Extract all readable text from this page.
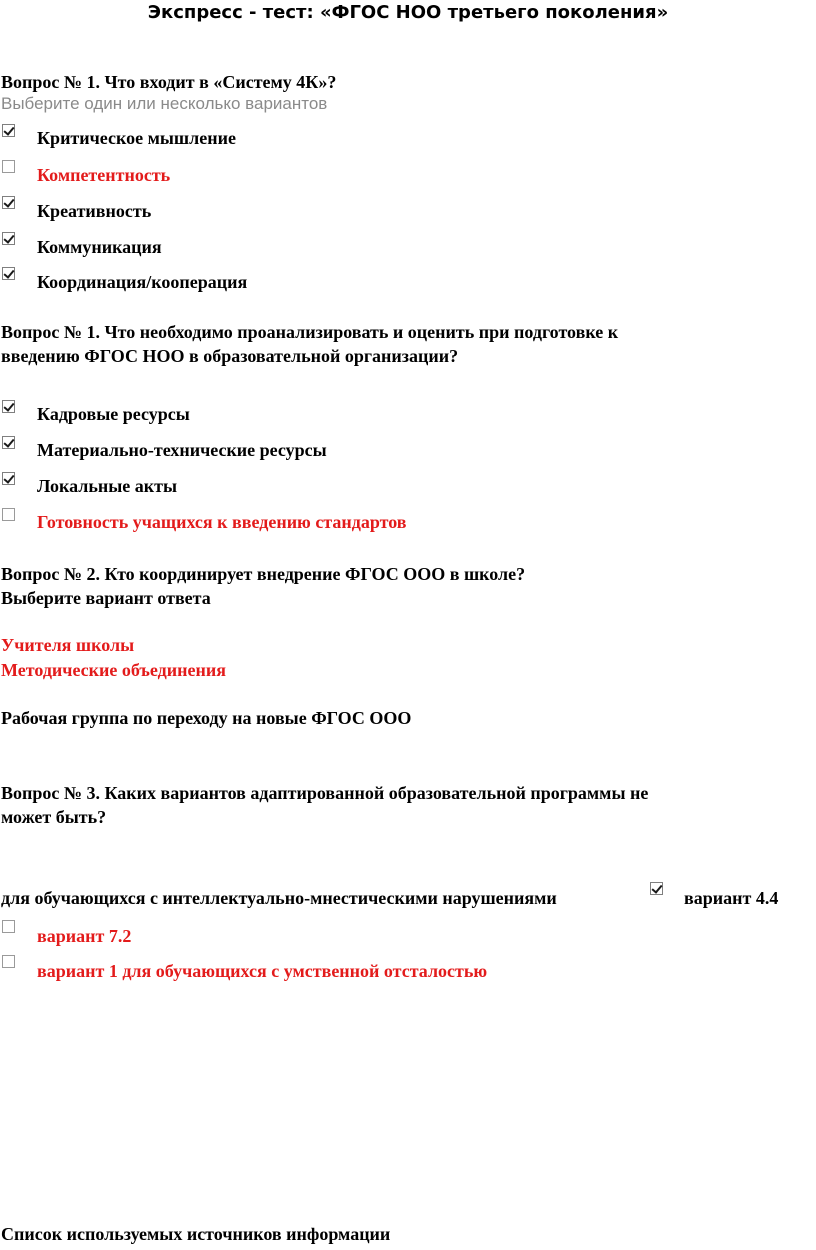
Экспресс - тест: «ФГОС НОО третьего поколения»
Вопрос № 1. Что входит в «Систему 4К»?
Выберите один или несколько вариантов
Критическое мышление
Компетентность
Креативность
Коммуникация
Координация/кооперация
Вопрос № 1. Что необходимо проанализировать и оценить при подготовке к
введению ФГОС НОО в образовательной организации?
Кадровые ресурсы
Материально-технические ресурсы
Локальные акты
Готовность учащихся к введению стандартов
Вопрос № 2. Кто координирует внедрение ФГОС ООО в школе?
Выберите вариант ответа
Учителя школы
Методические объединения
Рабочая группа по переходу на новые ФГОС ООО
Вопрос № 3. Каких вариантов адаптированной образовательной программы не
может быть?
для обучающихся с интеллектуально-мнестическими нарушениями	вариант 4.4
вариант 7.2
вариант 1 для обучающихся с умственной отсталостью
Список используемых источников информации
